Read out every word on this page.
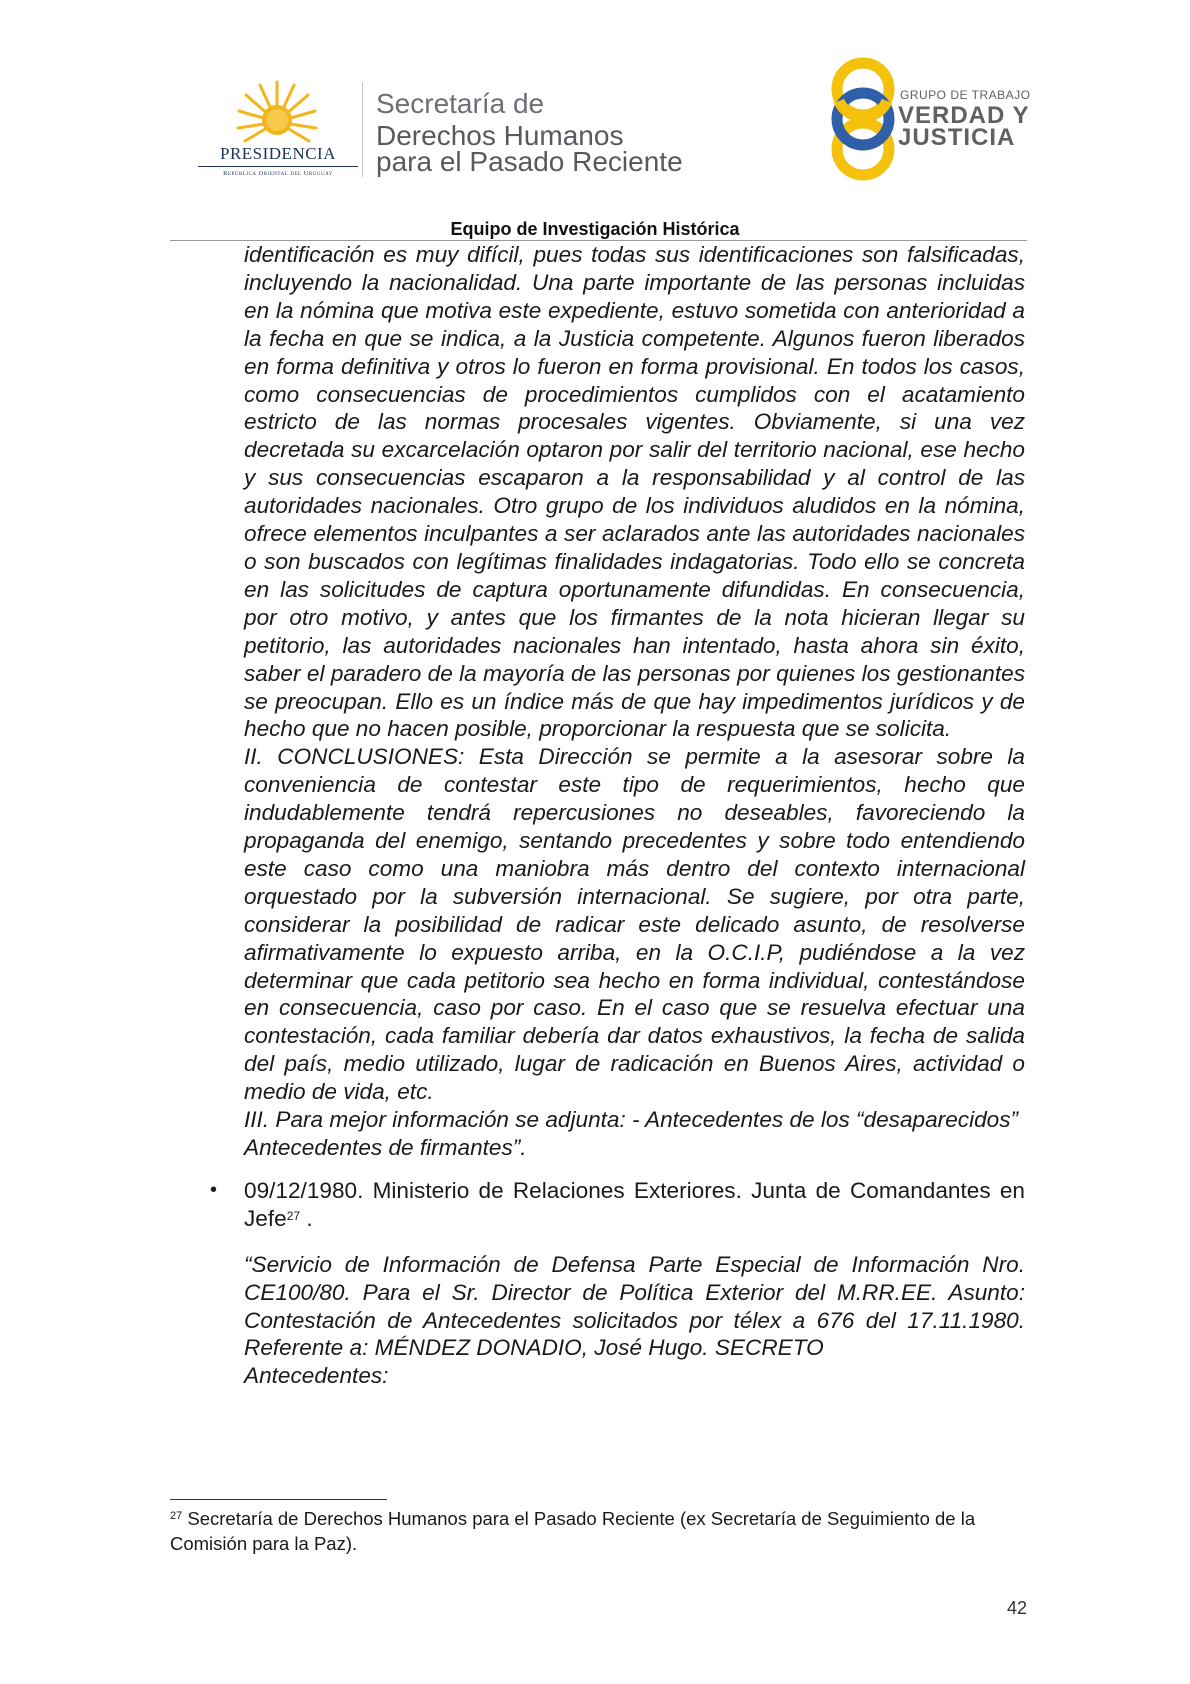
PRESIDENCIA
República Oriental del Uruguay
Secretaría de
Derechos Humanos
para el Pasado Reciente
GRUPO DE TRABAJO
VERDAD Y
JUSTICIA
Equipo de Investigación Histórica

identificación es muy difícil, pues todas sus identificaciones son falsificadas, incluyendo la nacionalidad. Una parte importante de las personas incluidas en la nómina que motiva este expediente, estuvo sometida con anterioridad a la fecha en que se indica, a la Justicia competente. Algunos fueron liberados en forma definitiva y otros lo fueron en forma provisional. En todos los casos, como consecuencias de procedimientos cumplidos con el acatamiento estricto de las normas procesales vigentes. Obviamente, si una vez decretada su excarcelación optaron por salir del territorio nacional, ese hecho y sus consecuencias escaparon a la responsabilidad y al control de las autoridades nacionales. Otro grupo de los individuos aludidos en la nómina, ofrece elementos inculpantes a ser aclarados ante las autoridades nacionales o son buscados con legítimas finalidades indagatorias. Todo ello se concreta en las solicitudes de captura oportunamente difundidas. En consecuencia, por otro motivo, y antes que los firmantes de la nota hicieran llegar su petitorio, las autoridades nacionales han intentado, hasta ahora sin éxito, saber el paradero de la mayoría de las personas por quienes los gestionantes se preocupan. Ello es un índice más de que hay impedimentos jurídicos y de hecho que no hacen posible, proporcionar la respuesta que se solicita.

II. CONCLUSIONES: Esta Dirección se permite a la asesorar sobre la conveniencia de contestar este tipo de requerimientos, hecho que indudablemente tendrá repercusiones no deseables, favoreciendo la propaganda del enemigo, sentando precedentes y sobre todo entendiendo este caso como una maniobra más dentro del contexto internacional orquestado por la subversión internacional. Se sugiere, por otra parte, considerar la posibilidad de radicar este delicado asunto, de resolverse afirmativamente lo expuesto arriba, en la O.C.I.P, pudiéndose a la vez determinar que cada petitorio sea hecho en forma individual, contestándose en consecuencia, caso por caso. En el caso que se resuelva efectuar una contestación, cada familiar debería dar datos exhaustivos, la fecha de salida del país, medio utilizado, lugar de radicación en Buenos Aires, actividad o medio de vida, etc.

III. Para mejor información se adjunta: - Antecedentes de los “desaparecidos”

Antecedentes de firmantes”.

• 09/12/1980. Ministerio de Relaciones Exteriores. Junta de Comandantes en Jefe$^{27}$ .

“Servicio de Información de Defensa Parte Especial de Información Nro. CE100/80. Para el Sr. Director de Política Exterior del M.RR.EE. Asunto: Contestación de Antecedentes solicitados por télex a 676 del 17.11.1980. Referente a: MÉNDEZ DONADIO, José Hugo. SECRETO

Antecedentes:

$^{27}$ Secretaría de Derechos Humanos para el Pasado Reciente (ex Secretaría de Seguimiento de la Comisión para la Paz).

42
